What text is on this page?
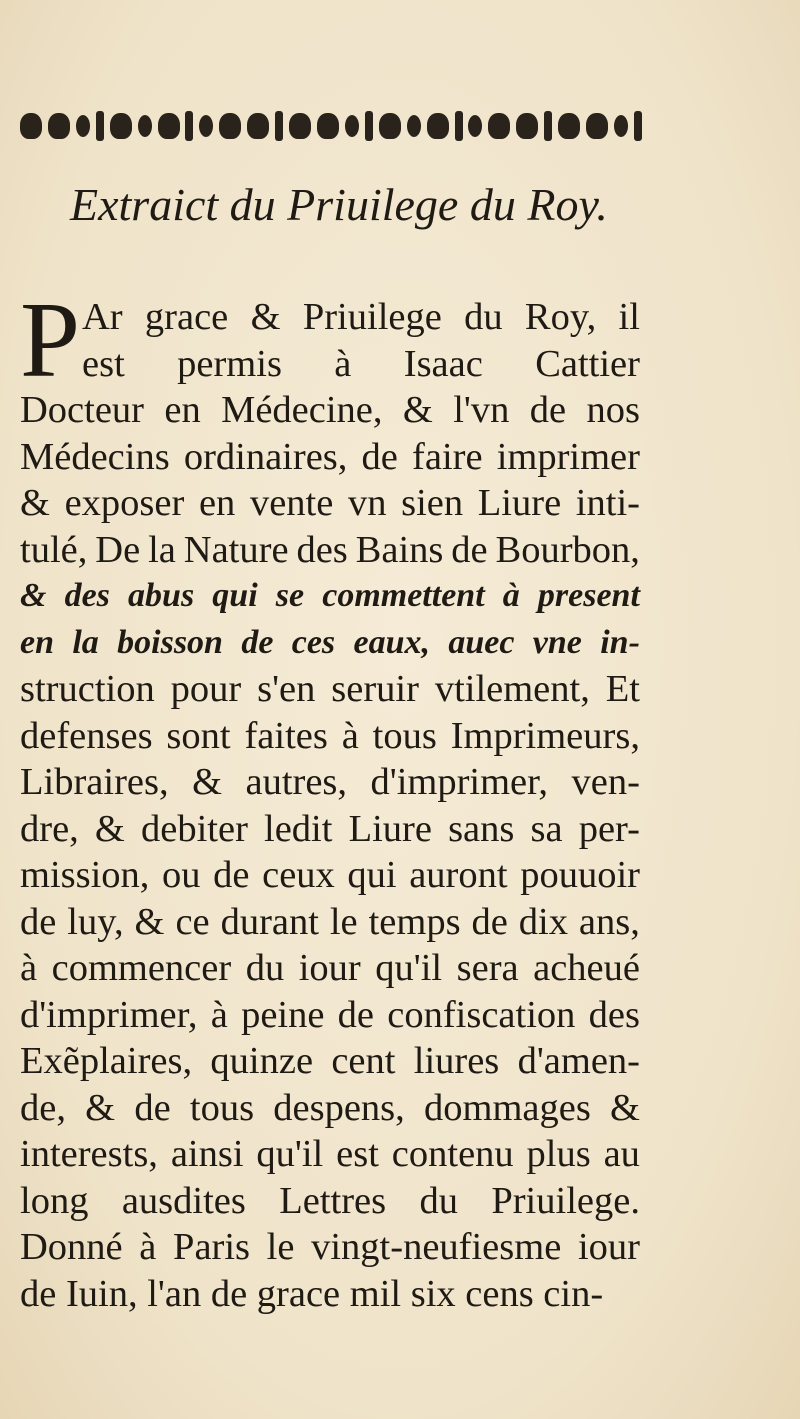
Extraict du Priuilege du Roy.
P Ar grace & Priuilege du Roy, il
est permis à Isaac Cattier
Docteur en Médecine, & l'vn de nos
Médecins ordinaires, de faire imprimer
& exposer en vente vn sien Liure inti-
tulé, De la Nature des Bains de Bourbon,
& des abus qui se commettent à present
en la boisson de ces eaux, auec vne in-
struction pour s'en seruir vtilement, Et
defenses sont faites à tous Imprimeurs,
Libraires, & autres, d'imprimer, ven-
dre, & debiter ledit Liure sans sa per-
mission, ou de ceux qui auront pouuoir
de luy, & ce durant le temps de dix ans,
à commencer du iour qu'il sera acheué
d'imprimer, à peine de confiscation des
Exẽplaires, quinze cent liures d'amen-
de, & de tous despens, dommages &
interests, ainsi qu'il est contenu plus au
long ausdites Lettres du Priuilege.
Donné à Paris le vingt-neufiesme iour
de Iuin, l'an de grace mil six cens cin-
